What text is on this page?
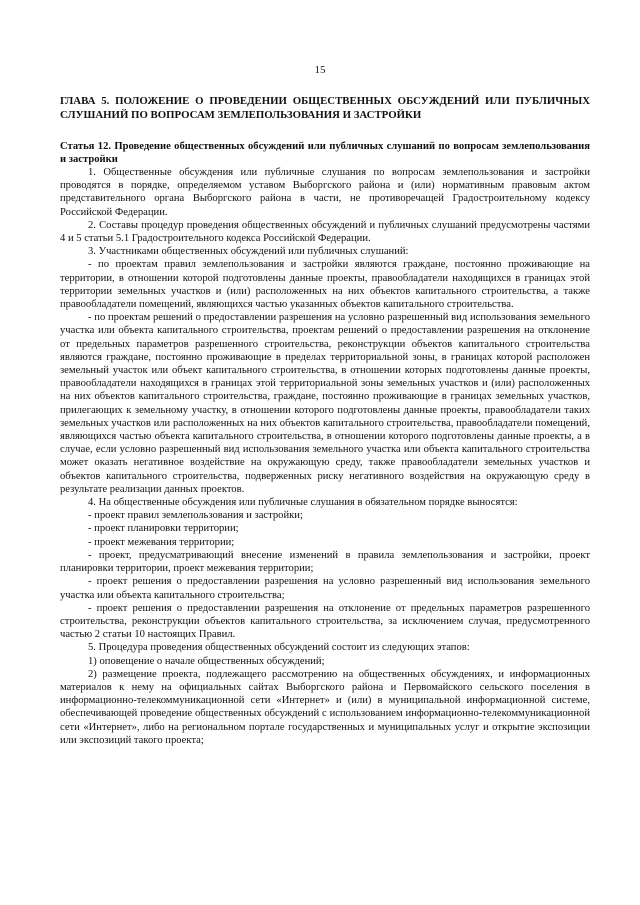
15
ГЛАВА 5. ПОЛОЖЕНИЕ О ПРОВЕДЕНИИ ОБЩЕСТВЕННЫХ ОБСУЖДЕНИЙ ИЛИ ПУБЛИЧНЫХ СЛУШАНИЙ ПО ВОПРОСАМ ЗЕМЛЕПОЛЬЗОВАНИЯ И ЗАСТРОЙКИ
Статья 12. Проведение общественных обсуждений или публичных слушаний по вопросам землепользования и застройки

1. Общественные обсуждения или публичные слушания по вопросам землепользования и застройки проводятся в порядке, определяемом уставом Выборгского района и (или) нормативным правовым актом представительного органа Выборгского района в части, не противоречащей Градостроительному кодексу Российской Федерации.

2. Составы процедур проведения общественных обсуждений и публичных слушаний предусмотрены частями 4 и 5 статьи 5.1 Градостроительного кодекса Российской Федерации.

3. Участниками общественных обсуждений или публичных слушаний:

- по проектам правил землепользования и застройки являются граждане, постоянно проживающие на территории, в отношении которой подготовлены данные проекты, правообладатели находящихся в границах этой территории земельных участков и (или) расположенных на них объектов капитального строительства, а также правообладатели помещений, являющихся частью указанных объектов капитального строительства.

- по проектам решений о предоставлении разрешения на условно разрешенный вид использования земельного участка или объекта капитального строительства, проектам решений о предоставлении разрешения на отклонение от предельных параметров разрешенного строительства, реконструкции объектов капитального строительства являются граждане, постоянно проживающие в пределах территориальной зоны, в границах которой расположен земельный участок или объект капитального строительства, в отношении которых подготовлены данные проекты, правообладатели находящихся в границах этой территориальной зоны земельных участков и (или) расположенных на них объектов капитального строительства, граждане, постоянно проживающие в границах земельных участков, прилегающих к земельному участку, в отношении которого подготовлены данные проекты, правообладатели таких земельных участков или расположенных на них объектов капитального строительства, правообладатели помещений, являющихся частью объекта капитального строительства, в отношении которого подготовлены данные проекты, а в случае, если условно разрешенный вид использования земельного участка или объекта капитального строительства может оказать негативное воздействие на окружающую среду, также правообладатели земельных участков и объектов капитального строительства, подверженных риску негативного воздействия на окружающую среду в результате реализации данных проектов.

4. На общественные обсуждения или публичные слушания в обязательном порядке выносятся:

- проект правил землепользования и застройки;

- проект планировки территории;

- проект межевания территории;

- проект, предусматривающий внесение изменений в правила землепользования и застройки, проект планировки территории, проект межевания территории;

- проект решения о предоставлении разрешения на условно разрешенный вид использования земельного участка или объекта капитального строительства;

- проект решения о предоставлении разрешения на отклонение от предельных параметров разрешенного строительства, реконструкции объектов капитального строительства, за исключением случая, предусмотренного частью 2 статьи 10 настоящих Правил.

5. Процедура проведения общественных обсуждений состоит из следующих этапов:

1) оповещение о начале общественных обсуждений;

2) размещение проекта, подлежащего рассмотрению на общественных обсуждениях, и информационных материалов к нему на официальных сайтах Выборгского района и Первомайского сельского поселения в информационно-телекоммуникационной сети «Интернет» и (или) в муниципальной информационной системе, обеспечивающей проведение общественных обсуждений с использованием информационно-телекоммуникационной сети «Интернет», либо на региональном портале государственных и муниципальных услуг и открытие экспозиции или экспозиций такого проекта;
